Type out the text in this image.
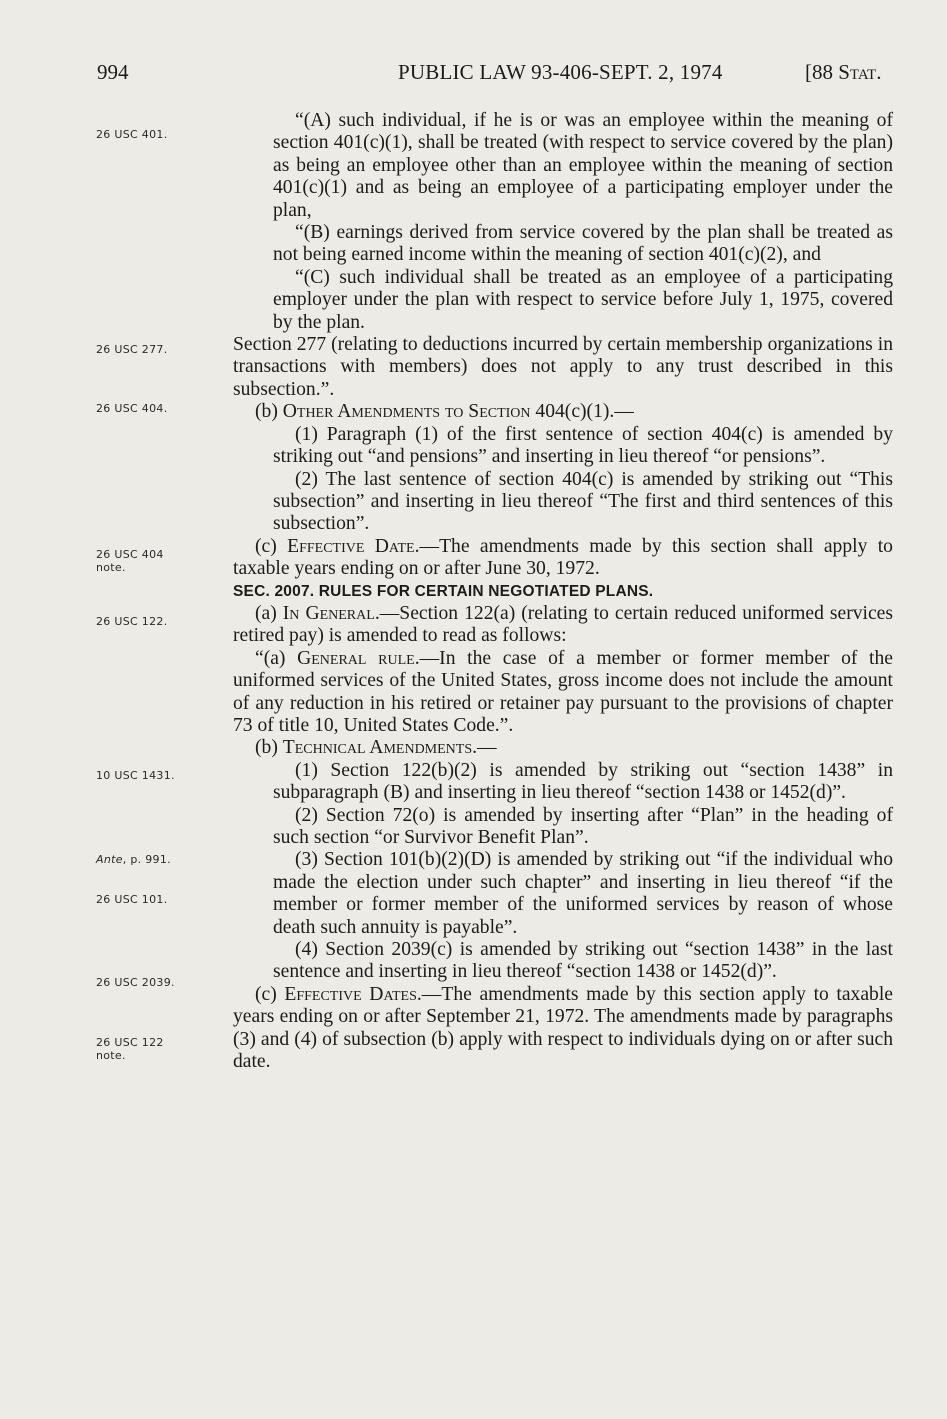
994	PUBLIC LAW 93-406-SEPT. 2, 1974	[88 Stat.
26 USC 401.
26 USC 277.
26 USC 404.
26 USC 404
note.
26 USC 122.
10 USC 1431.
Ante, p. 991.
26 USC 101.
26 USC 2039.
26 USC 122
note.

“(A) such individual, if he is or was an employee within the meaning of section 401(c)(1), shall be treated (with respect to service covered by the plan) as being an employee other than an employee within the meaning of section 401(c)(1) and as being an employee of a participating employer under the plan,

“(B) earnings derived from service covered by the plan shall be treated as not being earned income within the meaning of section 401(c)(2), and

“(C) such individual shall be treated as an employee of a participating employer under the plan with respect to service before July 1, 1975, covered by the plan.

Section 277 (relating to deductions incurred by certain membership organizations in transactions with members) does not apply to any trust described in this subsection.”.

(b) Other Amendments to Section 404(c)(1).—

(1) Paragraph (1) of the first sentence of section 404(c) is amended by striking out “and pensions” and inserting in lieu thereof “or pensions”.

(2) The last sentence of section 404(c) is amended by striking out “This subsection” and inserting in lieu thereof “The first and third sentences of this subsection”.

(c) Effective Date.—The amendments made by this section shall apply to taxable years ending on or after June 30, 1972.

SEC. 2007. RULES FOR CERTAIN NEGOTIATED PLANS.

(a) In General.—Section 122(a) (relating to certain reduced uniformed services retired pay) is amended to read as follows:

“(a) General rule.—In the case of a member or former member of the uniformed services of the United States, gross income does not include the amount of any reduction in his retired or retainer pay pursuant to the provisions of chapter 73 of title 10, United States Code.”.

(b) Technical Amendments.—

(1) Section 122(b)(2) is amended by striking out “section 1438” in subparagraph (B) and inserting in lieu thereof “section 1438 or 1452(d)”.

(2) Section 72(o) is amended by inserting after “Plan” in the heading of such section “or Survivor Benefit Plan”.

(3) Section 101(b)(2)(D) is amended by striking out “if the individual who made the election under such chapter” and inserting in lieu thereof “if the member or former member of the uniformed services by reason of whose death such annuity is payable”.

(4) Section 2039(c) is amended by striking out “section 1438” in the last sentence and inserting in lieu thereof “section 1438 or 1452(d)”.

(c) Effective Dates.—The amendments made by this section apply to taxable years ending on or after September 21, 1972. The amendments made by paragraphs (3) and (4) of subsection (b) apply with respect to individuals dying on or after such date.
